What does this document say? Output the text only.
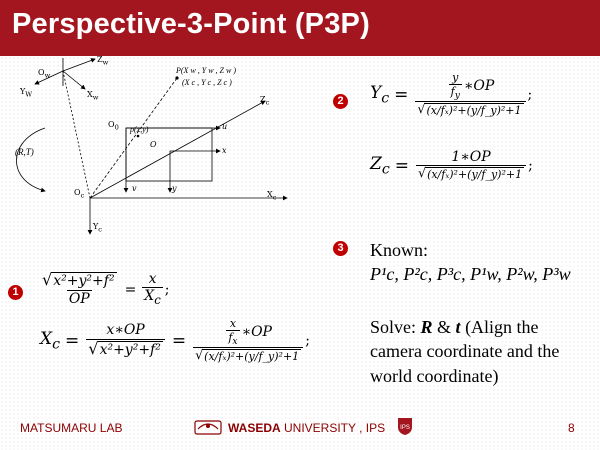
Perspective-3-Point (P3P)
$O_w$
$Z_w$
$Y_W$	$X_w$
P(X w , Y w , Z w )
(X c , Y c , Z c )
$Z_c$
$O_0$	u
p(x,y)
O
x
(R,T)
$O_c$
v	y
$X_c$
$Y_c$
1
2
3
$\frac{\text{√ x²+y²+f²}}{OP} = \frac{x}{X_c}$ ;
$X_c = \frac{x∗OP}{\text{√ x²+y²+f²}} = \frac{\frac{x}{f_x} ∗OP}{\text{√ (x/fₓ)²+(y/f\_y)²+1}}$ ;
$Y_c = \frac{\frac{y}{f_y} ∗OP}{\text{√ (x/fₓ)²+(y/f\_y)²+1}}$ ;
$Z_c = \frac{1∗OP}{\text{√ (x/fₓ)²+(y/f\_y)²+1}}$ ;
Known:
P¹c, P²c, P³c, P¹w, P²w, P³w
Solve: R & t (Align the camera coordinate and the world coordinate)
MATSUMARU LAB	WASEDA UNIVERSITY , IPS	IPS	8
